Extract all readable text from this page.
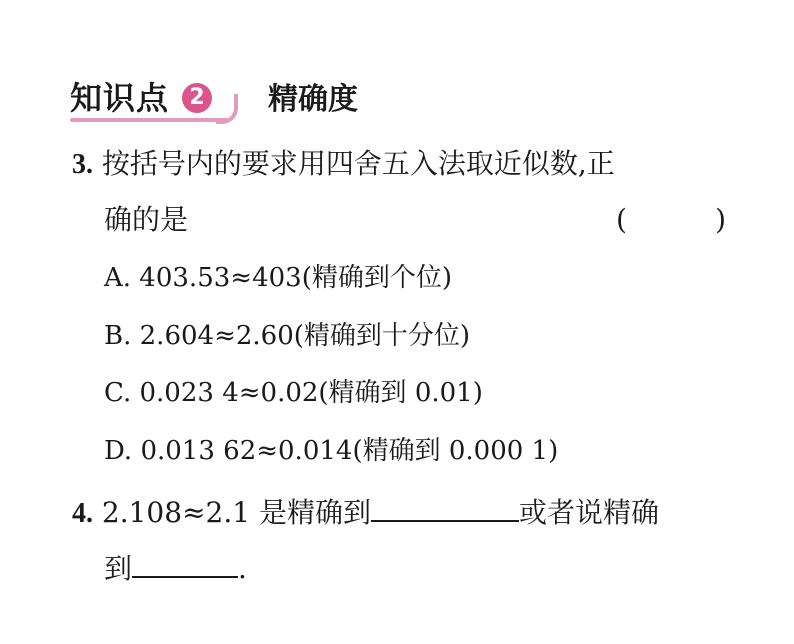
知识点 2 精确度
3. 按括号内的要求用四舍五入法取近似数,正
确的是	(	)
A. 403.53≈403(精确到个位)
B. 2.604≈2.60(精确到十分位)
C. 0.023 4≈0.02(精确到 0.01)
D. 0.013 62≈0.014(精确到 0.000 1)
4. 2.108≈2.1 是精确到	或者说精确
到	.
